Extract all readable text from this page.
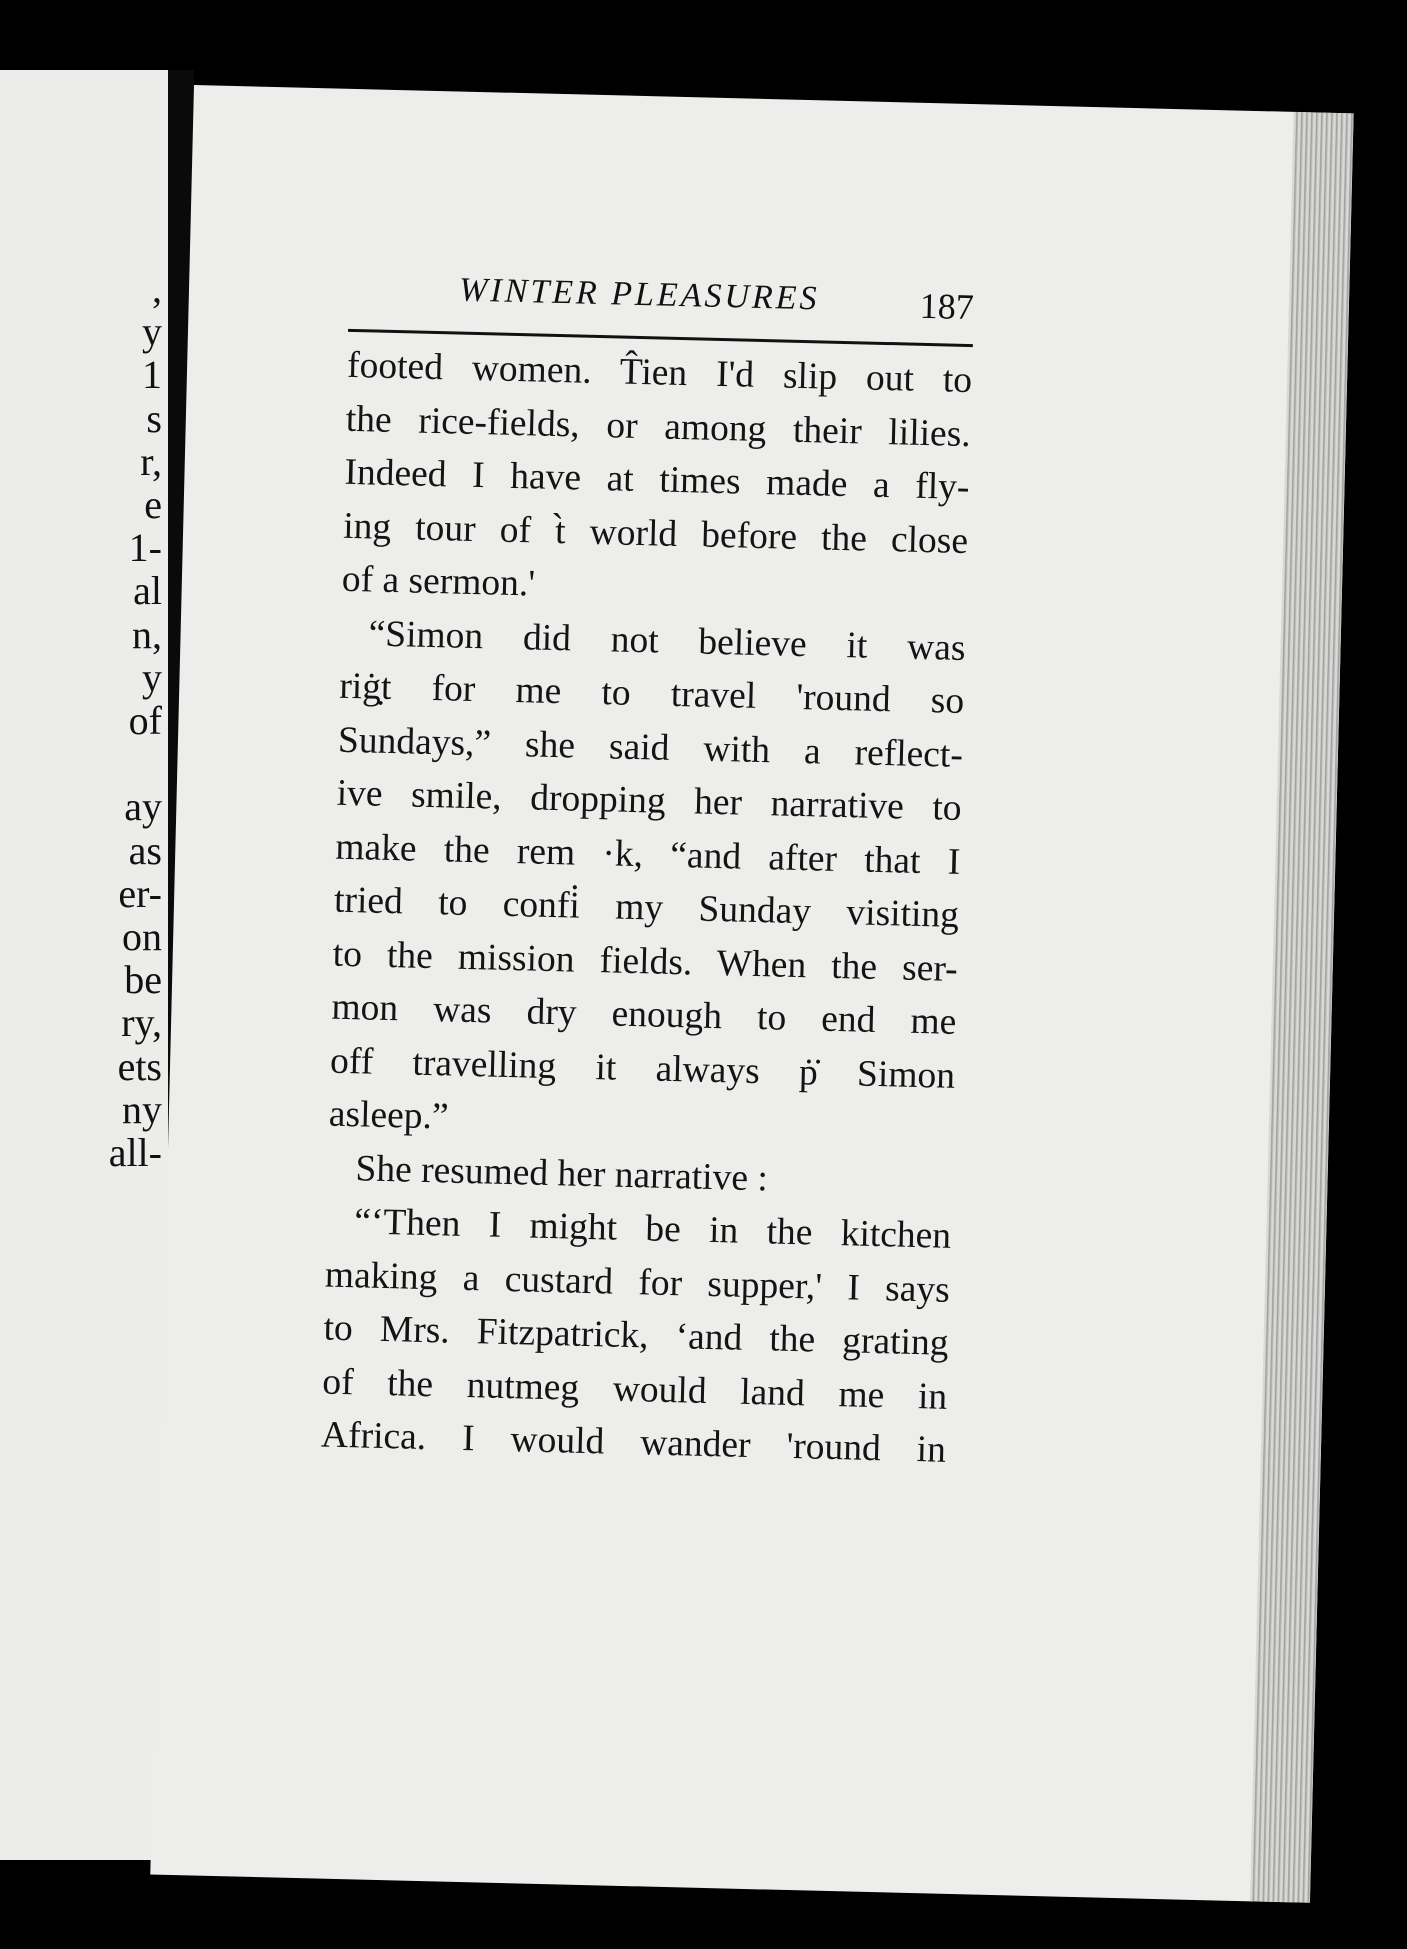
,
y
1
s
r,
e
1-
al
n,
y
of
ay
as
er-
on
be
ry,
ets
ny
all-
WINTER PLEASURES	187
footed women. T̂ien I'd slip out to
the rice-fields, or among their lilies.
Indeed I have at times made a fly-
ing tour of t̀̀ world before the close
of a sermon.'
“Simon did not believe it was
riġ̣t for me to travel 'round so
Sundays,” she said with a reflect-
ive smile, dropping her narrative to
make the rem ·k, “and after that I
tried to confi̇̇ my Sunday visiting
to the mission fields. When the ser-
mon was dry enough to end me
off travelling it always ṗ̇ Simon
asleep.”
She resumed her narrative :
“‘Then I might be in the kitchen
making a custard for supper,' I says
to Mrs. Fitzpatrick, ‘and the grating
of the nutmeg would land me in
Africa. I would wander 'round in
